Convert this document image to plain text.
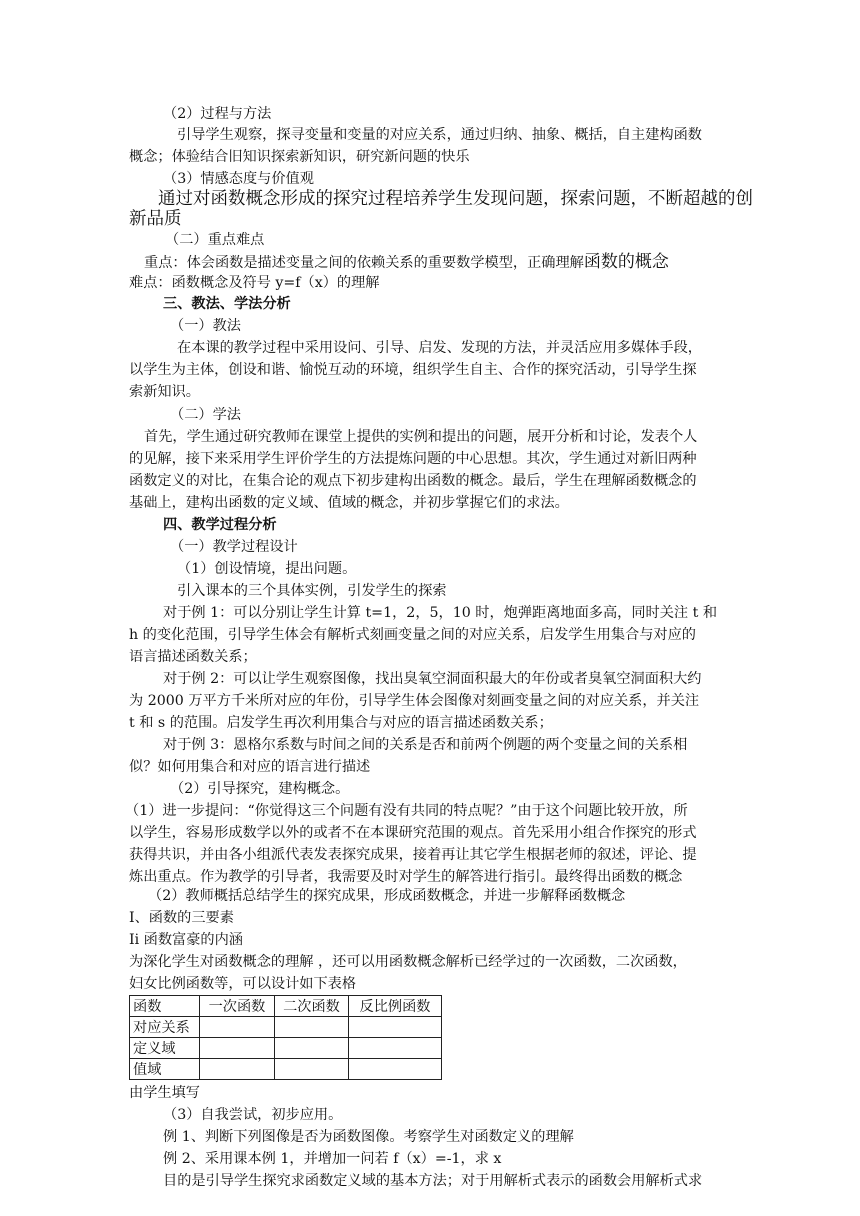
（2）过程与方法
引导学生观察，探寻变量和变量的对应关系，通过归纳、抽象、概括，自主建构函数
概念；体验结合旧知识探索新知识，研究新问题的快乐
（3）情感态度与价值观
通过对函数概念形成的探究过程培养学生发现问题，探索问题，不断超越的创
新品质
（二）重点难点
重点：体会函数是描述变量之间的依赖关系的重要数学模型，正确理解函数的概念
难点：函数概念及符号 y=f（x）的理解
三、教法、学法分析
（一）教法
在本课的教学过程中采用设问、引导、启发、发现的方法，并灵活应用多媒体手段，
以学生为主体，创设和谐、愉悦互动的环境，组织学生自主、合作的探究活动，引导学生探
索新知识。
（二）学法
首先，学生通过研究教师在课堂上提供的实例和提出的问题，展开分析和讨论，发表个人
的见解，接下来采用学生评价学生的方法提炼问题的中心思想。其次，学生通过对新旧两种
函数定义的对比，在集合论的观点下初步建构出函数的概念。最后，学生在理解函数概念的
基础上，建构出函数的定义域、值域的概念，并初步掌握它们的求法。
四、教学过程分析
（一）教学过程设计
（1）创设情境，提出问题。
引入课本的三个具体实例，引发学生的探索
对于例 1：可以分别让学生计算 t=1，2，5，10 时，炮弹距离地面多高，同时关注 t 和
h 的变化范围，引导学生体会有解析式刻画变量之间的对应关系，启发学生用集合与对应的
语言描述函数关系；
对于例 2：可以让学生观察图像，找出臭氧空洞面积最大的年份或者臭氧空洞面积大约
为 2000 万平方千米所对应的年份，引导学生体会图像对刻画变量之间的对应关系，并关注
t 和 s 的范围。启发学生再次利用集合与对应的语言描述函数关系；
对于例 3：恩格尔系数与时间之间的关系是否和前两个例题的两个变量之间的关系相
似？如何用集合和对应的语言进行描述
（2）引导探究，建构概念。
（1）进一步提问：“你觉得这三个问题有没有共同的特点呢？”由于这个问题比较开放，所
以学生，容易形成数学以外的或者不在本课研究范围的观点。首先采用小组合作探究的形式
获得共识，并由各小组派代表发表探究成果，接着再让其它学生根据老师的叙述，评论、提
炼出重点。作为教学的引导者，我需要及时对学生的解答进行指引。最终得出函数的概念
（2）教师概括总结学生的探究成果，形成函数概念，并进一步解释函数概念
I、函数的三要素
Ii 函数富豪的内涵
为深化学生对函数概念的理解 ，还可以用函数概念解析已经学过的一次函数，二次函数，
妇女比例函数等，可以设计如下表格
函数	一次函数	二次函数	反比例函数
对应关系			
定义域			
值域			
由学生填写
（3）自我尝试，初步应用。
例 1、判断下列图像是否为函数图像。考察学生对函数定义的理解
例 2、采用课本例 1，并增加一问若 f（x）=-1，求 x
目的是引导学生探究求函数定义域的基本方法；对于用解析式表示的函数会用解析式求
